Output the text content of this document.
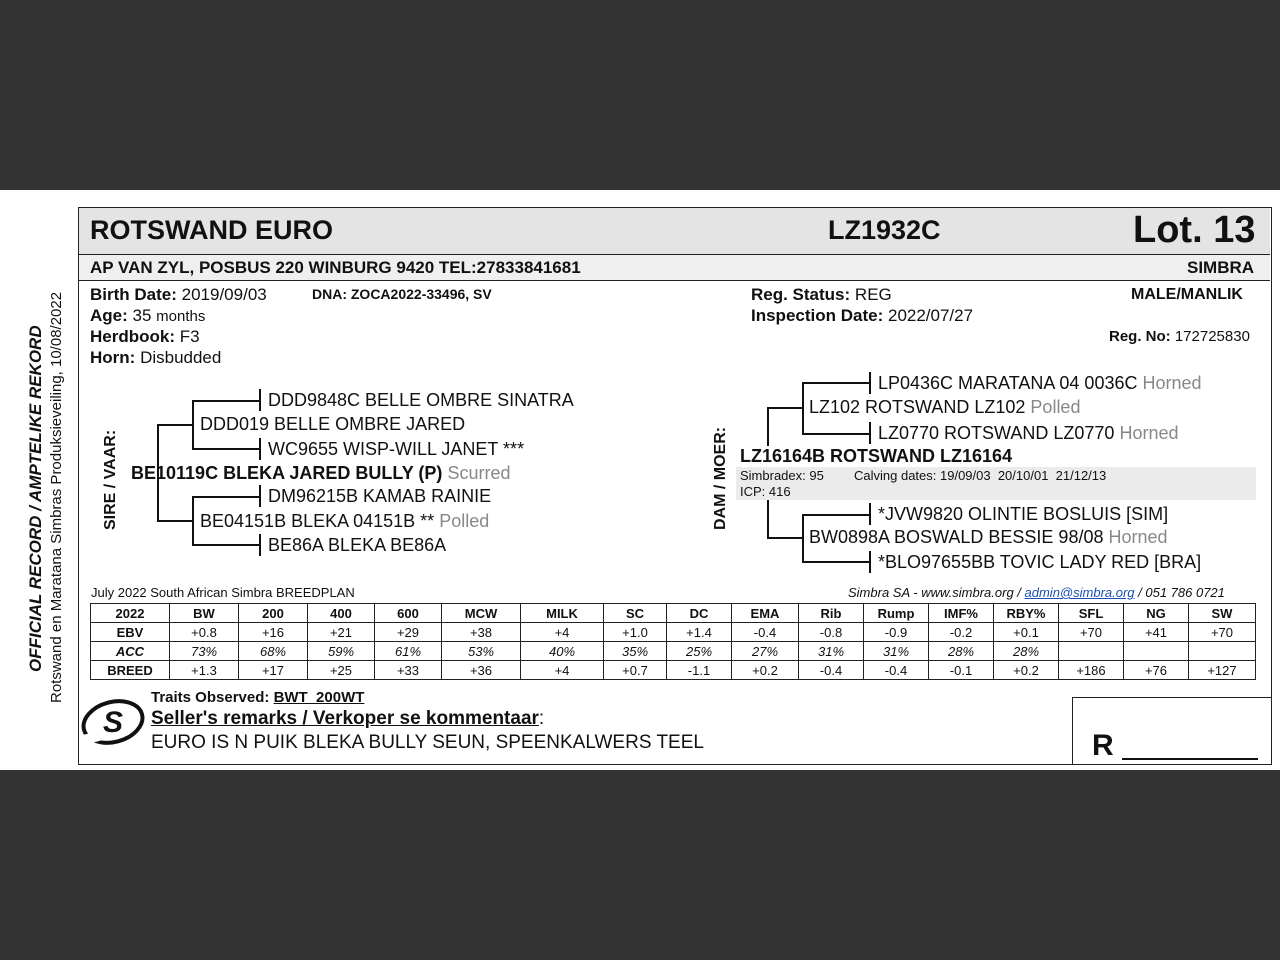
OFFICIAL RECORD / AMPTELIKE REKORD Rotswand en Maratana Simbras Produksieveiling, 10/08/2022
ROTSWAND EURO	LZ1932C	Lot. 13
AP VAN ZYL, POSBUS 220 WINBURG 9420 TEL:27833841681	SIMBRA
Birth Date: 2019/09/03	DNA: ZOCA2022-33496, SV
Age: 35 months
Herdbook: F3
Horn: Disbudded
Reg. Status: REG
Inspection Date: 2022/07/27
MALE/MANLIK
Reg. No: 172725830
SIRE / VAAR:
DDD9848C BELLE OMBRE SINATRA
DDD019 BELLE OMBRE JARED
WC9655 WISP-WILL JANET ***
BE10119C BLEKA JARED BULLY (P) Scurred
DM96215B KAMAB RAINIE
BE04151B BLEKA 04151B ** Polled
BE86A BLEKA BE86A
DAM / MOER:
LP0436C MARATANA 04 0036C Horned
LZ102 ROTSWAND LZ102 Polled
LZ0770 ROTSWAND LZ0770 Horned
LZ16164B ROTSWAND LZ16164
Simbradex: 95 Calving dates: 19/09/03  20/10/01  21/12/13
ICP: 416
*JVW9820 OLINTIE BOSLUIS [SIM]
BW0898A BOSWALD BESSIE 98/08 Horned
*BLO97655BB TOVIC LADY RED [BRA]
July 2022 South African Simbra BREEDPLAN	Simbra SA - www.simbra.org / admin@simbra.org / 051 786 0721
2022	BW	200	400	600	MCW	MILK	SC	DC	EMA	Rib	Rump	IMF%	RBY%	SFL	NG	SW
EBV	+0.8	+16	+21	+29	+38	+4	+1.0	+1.4	-0.4	-0.8	-0.9	-0.2	+0.1	+70	+41	+70
ACC	73%	68%	59%	61%	53%	40%	35%	25%	27%	31%	31%	28%	28%			
BREED	+1.3	+17	+25	+33	+36	+4	+0.7	-1.1	+0.2	-0.4	-0.4	-0.1	+0.2	+186	+76	+127
Traits Observed: BWT  200WT
Seller's remarks / Verkoper se kommentaar:
EURO IS N PUIK BLEKA BULLY SEUN, SPEENKALWERS TEEL
S
R
